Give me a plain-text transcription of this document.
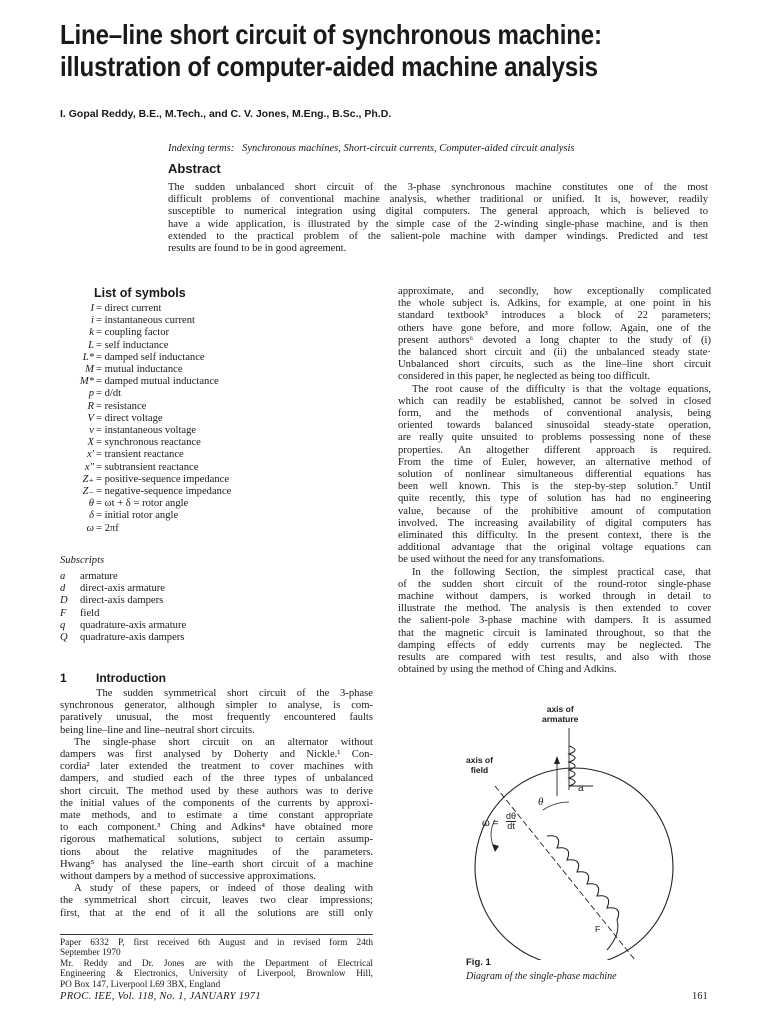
Line–line short circuit of synchronous machine:
illustration of computer-aided machine analysis
I. Gopal Reddy, B.E., M.Tech., and C. V. Jones, M.Eng., B.Sc., Ph.D.
Indexing terms:   Synchronous machines, Short-circuit currents, Computer-aided circuit analysis
Abstract
The sudden unbalanced short circuit of the 3-phase synchronous machine constitutes one of the most
difficult problems of conventional machine analysis, whether traditional or unified. It is, however, readily
susceptible to numerical integration using digital computers. The general approach, which is believed to
have a wide application, is illustrated by the simple case of the 2-winding single-phase machine, and is then
extended to the practical problem of the salient-pole machine with damper windings. Predicted and test
results are found to be in good agreement.
List of symbols
I = direct current
i = instantaneous current
k = coupling factor
L = self inductance
L* = damped self inductance
M = mutual inductance
M* = damped mutual inductance
p = d/dt
R = resistance
V = direct voltage
v = instantaneous voltage
X = synchronous reactance
x′ = transient reactance
x″ = subtransient reactance
Z₊ = positive-sequence impedance
Z₋ = negative-sequence impedance
θ = ωt + δ = rotor angle
δ = initial rotor angle
ω = 2πf
Subscripts
a armature
d direct-axis armature
D direct-axis dampers
F field
q quadrature-axis armature
Q quadrature-axis dampers
1 Introduction
The sudden symmetrical short circuit of the 3-phase
synchronous generator, although simpler to analyse, is com-
paratively unusual, the most frequently encountered faults
being line–line and line–neutral short circuits.
The single-phase short circuit on an alternator without
dampers was first analysed by Doherty and Nickle.¹ Con-
cordia² later extended the treatment to cover machines with
dampers, and studied each of the three types of unbalanced
short circuit. The method used by these authors was to derive
the initial values of the components of the currents by approxi-
mate methods, and to estimate a time constant appropriate
to each component.³ Ching and Adkins⁴ have obtained more
rigorous mathematical solutions, subject to certain assump-
tions about the relative magnitudes of the parameters.
Hwang⁵ has analysed the line–earth short circuit of a machine
without dampers by a method of successive approximations.
A study of these papers, or indeed of those dealing with
the symmetrical short circuit, leaves two clear impressions;
first, that at the end of it all the solutions are still only
approximate, and secondly, how exceptionally complicated
the whole subject is. Adkins, for example, at one point in his
standard textbook³ introduces a block of 22 parameters;
others have gone before, and more follow. Again, one of the
present authors⁶ devoted a long chapter to the study of (i)
the balanced short circuit and (ii) the unbalanced steady state·
Unbalanced short circuits, such as the line–line short circuit
considered in this paper, he neglected as being too difficult.
The root cause of the difficulty is that the voltage equations,
which can readily be established, cannot be solved in closed
form, and the methods of conventional analysis, being
oriented towards balanced sinusoidal steady-state operation,
are really quite unsuited to problems possessing none of these
properties. An altogether different approach is required.
From the time of Euler, however, an alternative method of
solution of nonlinear simultaneous differential equations has
been well known. This is the step-by-step solution.⁷ Until
quite recently, this type of solution has had no engineering
value, because of the prohibitive amount of computation
involved. The increasing availability of digital computers has
eliminated this difficulty. In the present context, there is the
additional advantage that the original voltage equations can
be used without the need for any transfomations.
In the following Section, the simplest practical case, that
of the sudden short circuit of the round-rotor single-phase
machine without dampers, is worked through in detail to
illustrate the method. The analysis is then extended to cover
the salient-pole 3-phase machine with dampers. It is assumed
that the magnetic circuit is laminated throughout, so that the
damping effects of eddy currents may be neglected. The
results are compared with test results, and also with those
obtained by using the method of Ching and Adkins.
axis of
armature
axis of
field
θ
a
ω =
dθ
dt
F
Fig. 1
Diagram of the single-phase machine
Paper 6332 P, first received 6th August and in revised form 24th
September 1970
Mr. Reddy and Dr. Jones are with the Department of Electrical
Engineering & Electronics, University of Liverpool, Brownlow Hill,
PO Box 147, Liverpool L69 3BX, England
PROC. IEE, Vol. 118, No. 1, JANUARY 1971	161
